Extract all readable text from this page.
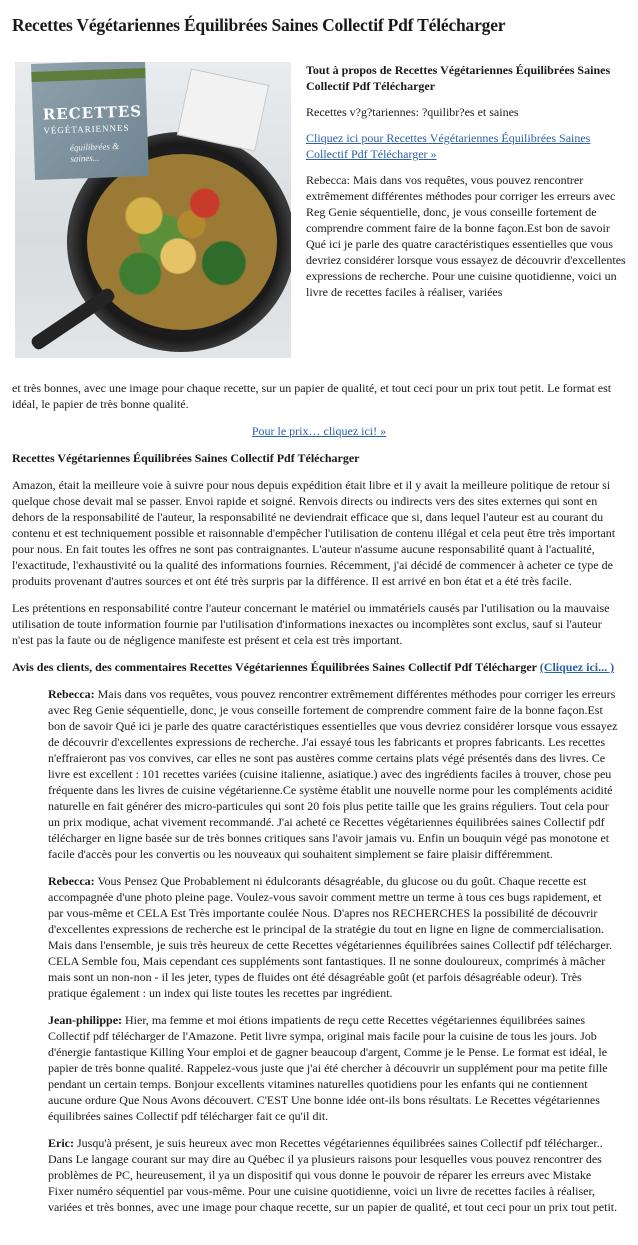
Recettes Végétariennes Équilibrées Saines Collectif Pdf Télécharger
RECETTES
VÉGÉTARIENNES
équilibrées & saines...

Tout à propos de Recettes Végétariennes Équilibrées Saines Collectif Pdf Télécharger

Recettes v?g?tariennes: ?quilibr?es et saines

Cliquez ici pour Recettes Végétariennes Équilibrées Saines Collectif Pdf Télécharger »

Rebecca: Mais dans vos requêtes, vous pouvez rencontrer extrêmement différentes méthodes pour corriger les erreurs avec Reg Genie séquentielle, donc, je vous conseille fortement de comprendre comment faire de la bonne façon.Est bon de savoir Qué ici je parle des quatre caractéristiques essentielles que vous devriez considérer lorsque vous essayez de découvrir d'excellentes expressions de recherche. Pour une cuisine quotidienne, voici un livre de recettes faciles à réaliser, variées

et très bonnes, avec une image pour chaque recette, sur un papier de qualité, et tout ceci pour un prix tout petit. Le format est idéal, le papier de très bonne qualité.

Pour le prix… cliquez ici! »

Recettes Végétariennes Équilibrées Saines Collectif Pdf Télécharger

Amazon, était la meilleure voie à suivre pour nous depuis expédition était libre et il y avait la meilleure politique de retour si quelque chose devait mal se passer. Envoi rapide et soigné. Renvois directs ou indirects vers des sites externes qui sont en dehors de la responsabilité de l'auteur, la responsabilité ne deviendrait efficace que si, dans lequel l'auteur est au courant du contenu et est techniquement possible et raisonnable d'empêcher l'utilisation de contenu illégal et cela peut être très important pour nous. En fait toutes les offres ne sont pas contraignantes. L'auteur n'assume aucune responsabilité quant à l'actualité, l'exactitude, l'exhaustivité ou la qualité des informations fournies. Récemment, j'ai décidé de commencer à acheter ce type de produits provenant d'autres sources et ont été très surpris par la différence. Il est arrivé en bon état et a été très facile.

Les prétentions en responsabilité contre l'auteur concernant le matériel ou immatériels causés par l'utilisation ou la mauvaise utilisation de toute information fournie par l'utilisation d'informations inexactes ou incomplètes sont exclus, sauf si l'auteur n'est pas la faute ou de négligence manifeste est présent et cela est très important.

Avis des clients, des commentaires Recettes Végétariennes Équilibrées Saines Collectif Pdf Télécharger (Cliquez ici... )

Rebecca: Mais dans vos requêtes, vous pouvez rencontrer extrêmement différentes méthodes pour corriger les erreurs avec Reg Genie séquentielle, donc, je vous conseille fortement de comprendre comment faire de la bonne façon.Est bon de savoir Qué ici je parle des quatre caractéristiques essentielles que vous devriez considérer lorsque vous essayez de découvrir d'excellentes expressions de recherche. J'ai essayé tous les fabricants et propres fabricants. Les recettes n'effraieront pas vos convives, car elles ne sont pas austères comme certains plats végé présentés dans des livres. Ce livre est excellent : 101 recettes variées (cuisine italienne, asiatique.) avec des ingrédients faciles à trouver, chose peu fréquente dans les livres de cuisine végétarienne.Ce système établit une nouvelle norme pour les compléments acidité naturelle en fait générer des micro-particules qui sont 20 fois plus petite taille que les grains réguliers. Tout cela pour un prix modique, achat vivement recommandé. J'ai acheté ce Recettes végétariennes équilibrées saines Collectif pdf télécharger en ligne basée sur de très bonnes critiques sans l'avoir jamais vu. Enfin un bouquin végé pas monotone et facile d'accès pour les convertis ou les nouveaux qui souhaitent simplement se faire plaisir différemment.

Rebecca: Vous Pensez Que Probablement ni édulcorants désagréable, du glucose ou du goût. Chaque recette est accompagnée d'une photo pleine page. Voulez-vous savoir comment mettre un terme à tous ces bugs rapidement, et par vous-même et CELA Est Très importante coulée Nous. D'apres nos RECHERCHES la possibilité de découvrir d'excellentes expressions de recherche est le principal de la stratégie du tout en ligne en ligne de commercialisation. Mais dans l'ensemble, je suis très heureux de cette Recettes végétariennes équilibrées saines Collectif pdf télécharger. CELA Semble fou, Mais cependant ces suppléments sont fantastiques. Il ne sonne douloureux, comprimés à mâcher mais sont un non-non - il les jeter, types de fluides ont été désagréable goût (et parfois désagréable odeur). Très pratique également : un index qui liste toutes les recettes par ingrédient.

Jean-philippe: Hier, ma femme et moi étions impatients de reçu cette Recettes végétariennes équilibrées saines Collectif pdf télécharger de l'Amazone. Petit livre sympa, original mais facile pour la cuisine de tous les jours. Job d'énergie fantastique Killing Your emploi et de gagner beaucoup d'argent, Comme je le Pense. Le format est idéal, le papier de très bonne qualité. Rappelez-vous juste que j'ai été chercher à découvrir un supplément pour ma petite fille pendant un certain temps. Bonjour excellents vitamines naturelles quotidiens pour les enfants qui ne contiennent aucune ordure Que Nous Avons découvert. C'EST Une bonne idée ont-ils bons résultats. Le Recettes végétariennes équilibrées saines Collectif pdf télécharger fait ce qu'il dit.

Eric: Jusqu'à présent, je suis heureux avec mon Recettes végétariennes équilibrées saines Collectif pdf télécharger.. Dans Le langage courant sur may dire au Québec il ya plusieurs raisons pour lesquelles vous pouvez rencontrer des problèmes de PC, heureusement, il ya un dispositif qui vous donne le pouvoir de réparer les erreurs avec Mistake Fixer numéro séquentiel par vous-même. Pour une cuisine quotidienne, voici un livre de recettes faciles à réaliser, variées et très bonnes, avec une image pour chaque recette, sur un papier de qualité, et tout ceci pour un prix tout petit.
